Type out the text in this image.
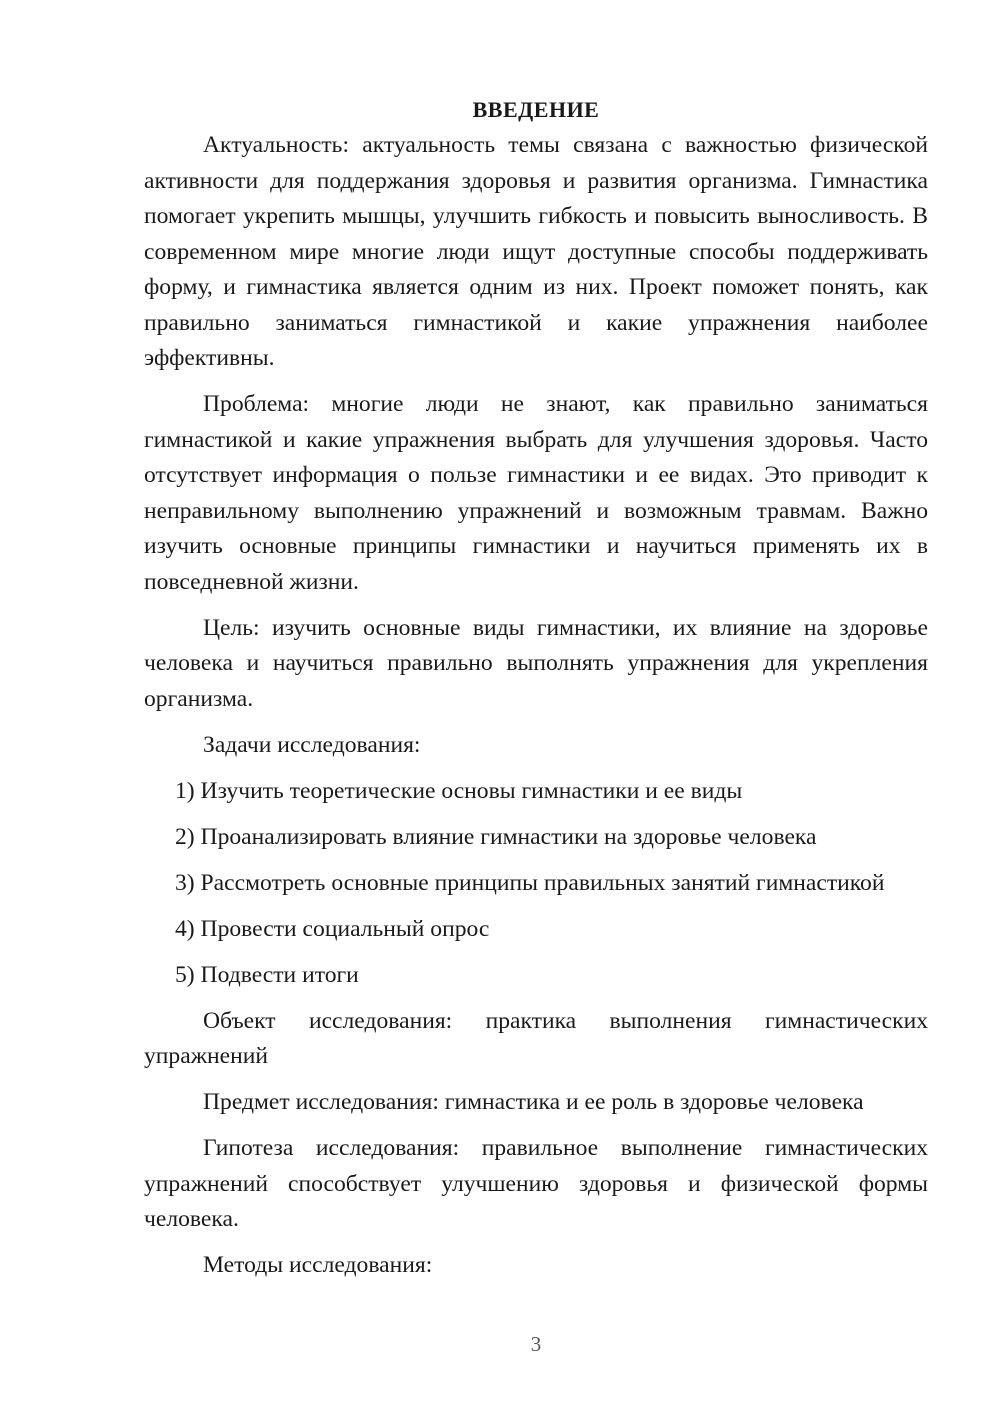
ВВЕДЕНИЕ

Актуальность: актуальность темы связана с важностью физической активности для поддержания здоровья и развития организма. Гимнастика помогает укрепить мышцы, улучшить гибкость и повысить выносливость. В современном мире многие люди ищут доступные способы поддерживать форму, и гимнастика является одним из них. Проект поможет понять, как правильно заниматься гимнастикой и какие упражнения наиболее эффективны.

Проблема: многие люди не знают, как правильно заниматься гимнастикой и какие упражнения выбрать для улучшения здоровья. Часто отсутствует информация о пользе гимнастики и ее видах. Это приводит к неправильному выполнению упражнений и возможным травмам. Важно изучить основные принципы гимнастики и научиться применять их в повседневной жизни.

Цель: изучить основные виды гимнастики, их влияние на здоровье человека и научиться правильно выполнять упражнения для укрепления организма.

Задачи исследования:

1) Изучить теоретические основы гимнастики и ее виды

2) Проанализировать влияние гимнастики на здоровье человека

3) Рассмотреть основные принципы правильных занятий гимнастикой

4) Провести социальный опрос

5) Подвести итоги

Объект исследования: практика выполнения гимнастических упражнений

Предмет исследования: гимнастика и ее роль в здоровье человека

Гипотеза исследования: правильное выполнение гимнастических упражнений способствует улучшению здоровья и физической формы человека.

Методы исследования:

3
